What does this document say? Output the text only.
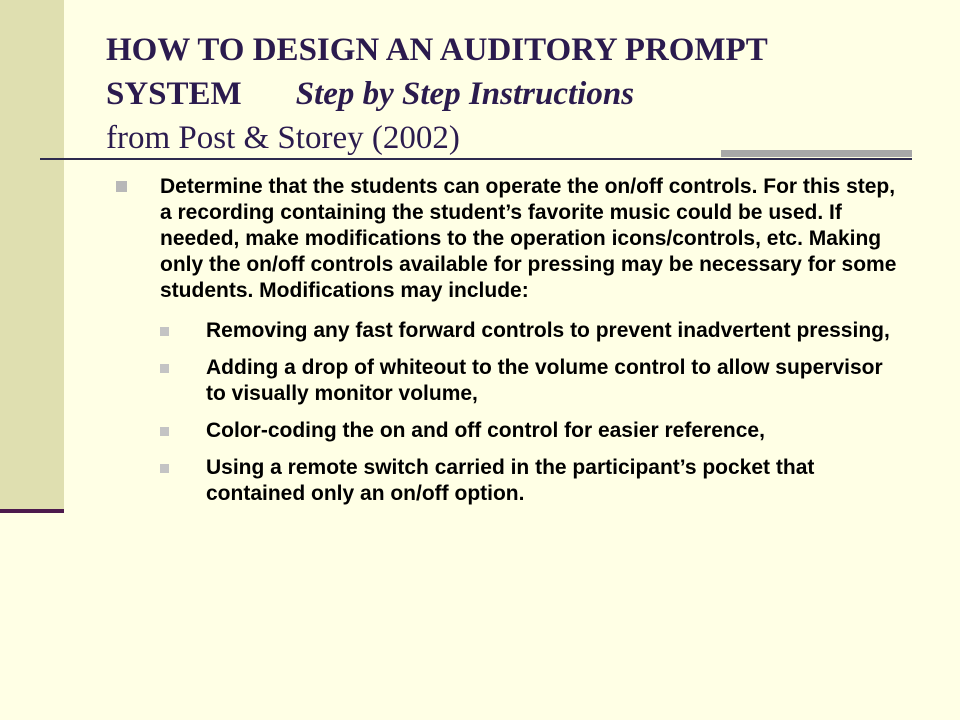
HOW TO DESIGN AN AUDITORY PROMPT SYSTEM Step by Step Instructions
from Post & Storey (2002)
Determine that the students can operate the on/off controls. For this step, a recording containing the student’s favorite music could be used. If needed, make modifications to the operation icons/controls, etc. Making only the on/off controls available for pressing may be necessary for some students. Modifications may include:
Removing any fast forward controls to prevent inadvertent pressing,
Adding a drop of whiteout to the volume control to allow supervisor to visually monitor volume,
Color-coding the on and off control for easier reference,
Using a remote switch carried in the participant’s pocket that contained only an on/off option.
